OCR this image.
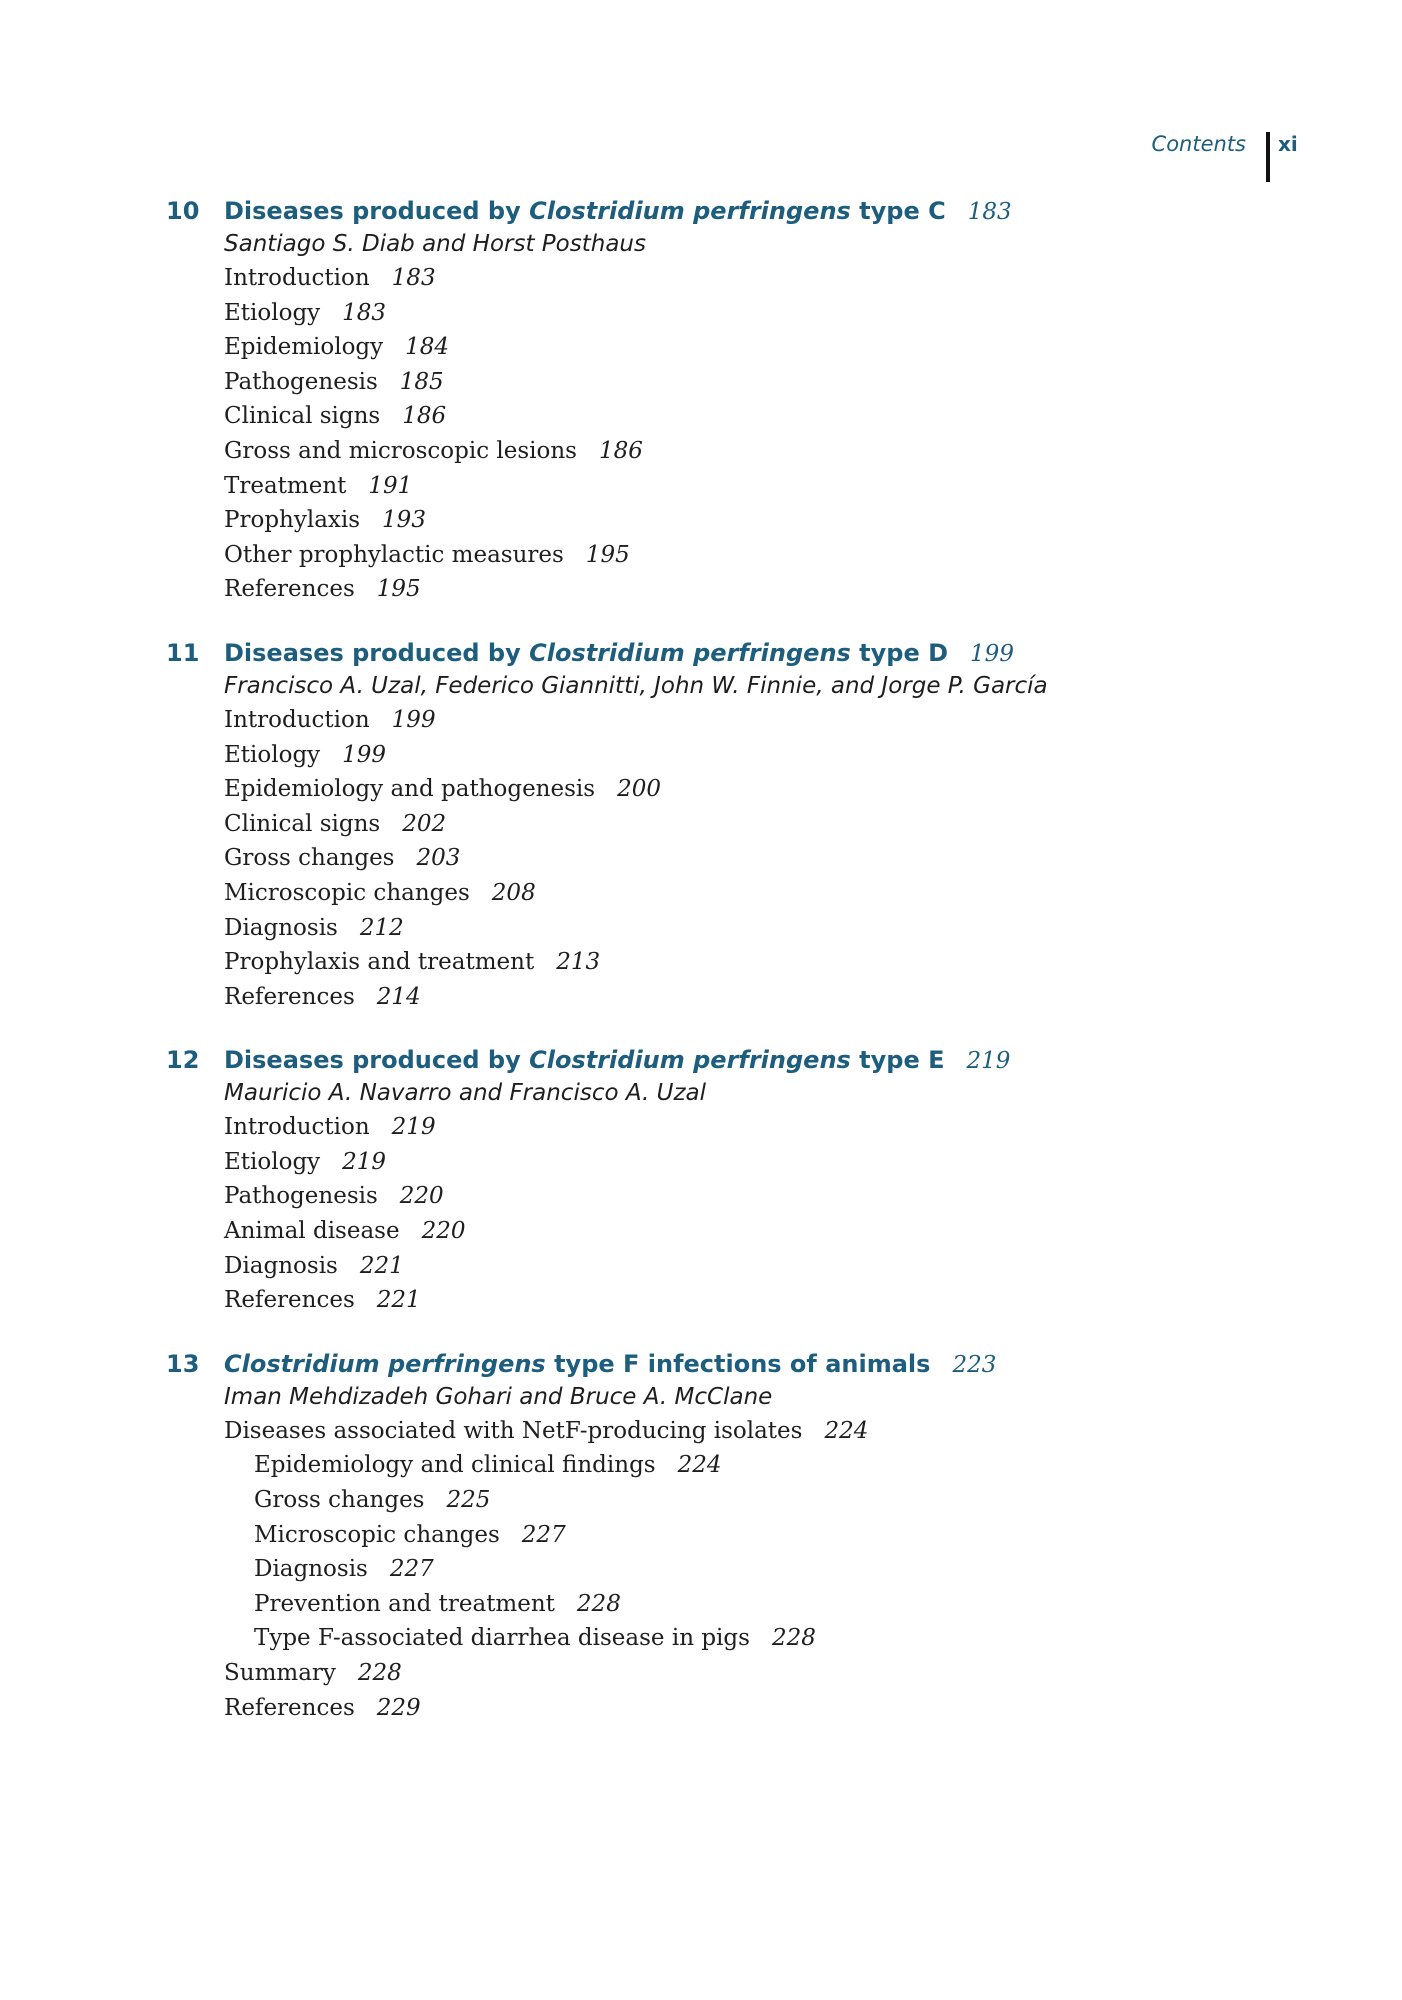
Contents xi
10 Diseases produced by Clostridium perfringens type C 183
Santiago S. Diab and Horst Posthaus
Introduction 183
Etiology 183
Epidemiology 184
Pathogenesis 185
Clinical signs 186
Gross and microscopic lesions 186
Treatment 191
Prophylaxis 193
Other prophylactic measures 195
References 195
11 Diseases produced by Clostridium perfringens type D 199
Francisco A. Uzal, Federico Giannitti, John W. Finnie, and Jorge P. García
Introduction 199
Etiology 199
Epidemiology and pathogenesis 200
Clinical signs 202
Gross changes 203
Microscopic changes 208
Diagnosis 212
Prophylaxis and treatment 213
References 214
12 Diseases produced by Clostridium perfringens type E 219
Mauricio A. Navarro and Francisco A. Uzal
Introduction 219
Etiology 219
Pathogenesis 220
Animal disease 220
Diagnosis 221
References 221
13 Clostridium perfringens type F infections of animals 223
Iman Mehdizadeh Gohari and Bruce A. McClane
Diseases associated with NetF-producing isolates 224
Epidemiology and clinical findings 224
Gross changes 225
Microscopic changes 227
Diagnosis 227
Prevention and treatment 228
Type F-associated diarrhea disease in pigs 228
Summary 228
References 229
